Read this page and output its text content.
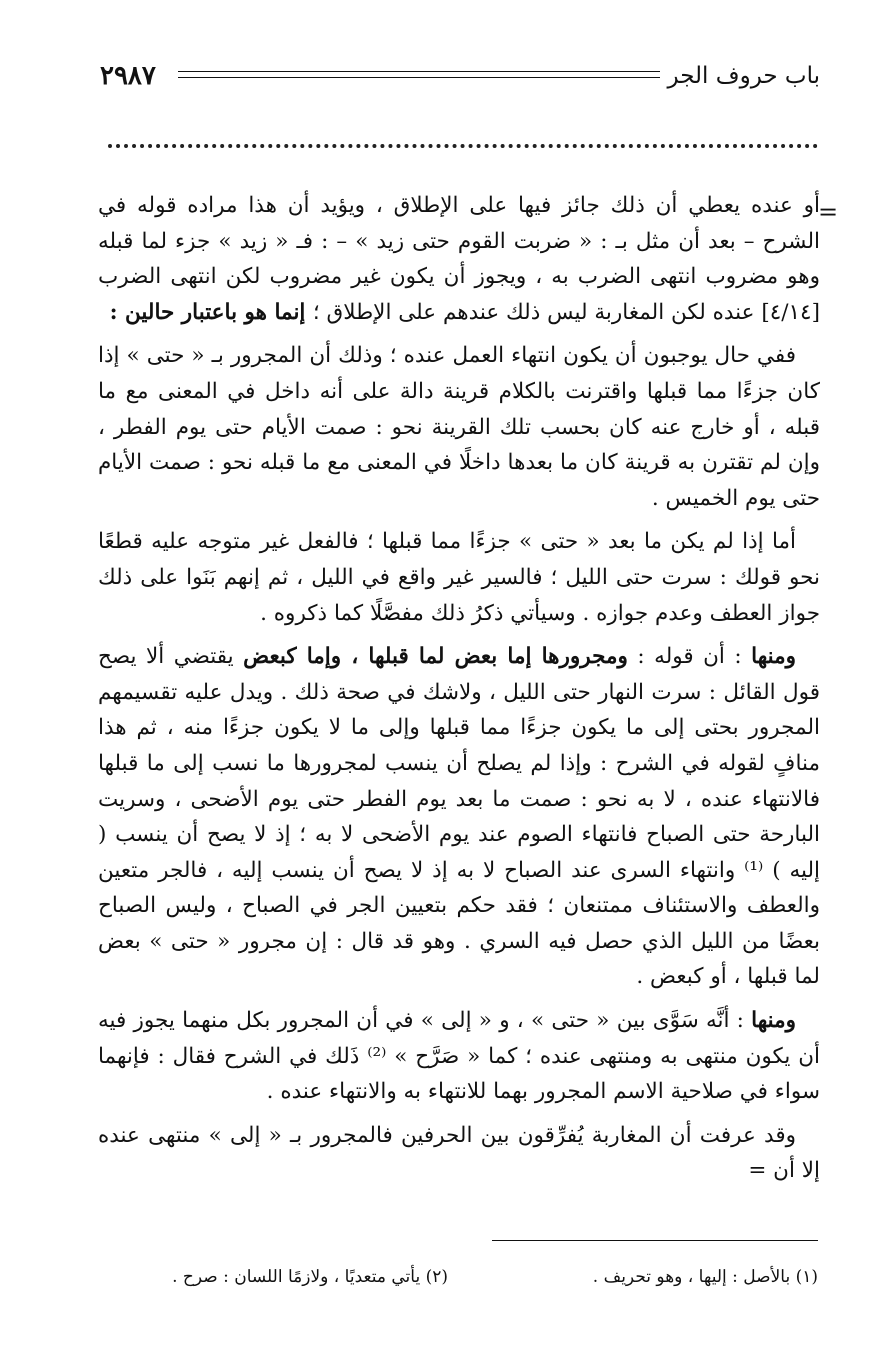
٢٩٨٧	باب حروف الجر
=

أو عنده يعطي أن ذلك جائز فيها على الإطلاق ، ويؤيد أن هذا مراده قوله في الشرح – بعد أن مثل بـ : « ضربت القوم حتى زيد » – : فـ « زيد » جزء لما قبله وهو مضروب انتهى الضرب به ، ويجوز أن يكون غير مضروب لكن انتهى الضرب [٤/١٤] عنده لكن المغاربة ليس ذلك عندهم على الإطلاق ؛ إنما هو باعتبار حالين :

ففي حال يوجبون أن يكون انتهاء العمل عنده ؛ وذلك أن المجرور بـ « حتى » إذا كان جزءًا مما قبلها واقترنت بالكلام قرينة دالة على أنه داخل في المعنى مع ما قبله ، أو خارج عنه كان بحسب تلك القرينة نحو : صمت الأيام حتى يوم الفطر ، وإن لم تقترن به قرينة كان ما بعدها داخلًا في المعنى مع ما قبله نحو : صمت الأيام حتى يوم الخميس .

أما إذا لم يكن ما بعد « حتى » جزءًا مما قبلها ؛ فالفعل غير متوجه عليه قطعًا نحو قولك : سرت حتى الليل ؛ فالسير غير واقع في الليل ، ثم إنهم بَنَوا على ذلك جواز العطف وعدم جوازه . وسيأتي ذكرُ ذلك مفصَّلًا كما ذكروه .

ومنها : أن قوله : ومجرورها إما بعض لما قبلها ، وإما كبعض يقتضي ألا يصح قول القائل : سرت النهار حتى الليل ، ولاشك في صحة ذلك . ويدل عليه تقسيمهم المجرور بحتى إلى ما يكون جزءًا مما قبلها وإلى ما لا يكون جزءًا منه ، ثم هذا منافٍ لقوله في الشرح : وإذا لم يصلح أن ينسب لمجرورها ما نسب إلى ما قبلها فالانتهاء عنده ، لا به نحو : صمت ما بعد يوم الفطر حتى يوم الأضحى ، وسريت البارحة حتى الصباح فانتهاء الصوم عند يوم الأضحى لا به ؛ إذ لا يصح أن ينسب ( إليه ) ⁽¹⁾ وانتهاء السرى عند الصباح لا به إذ لا يصح أن ينسب إليه ، فالجر متعين والعطف والاستئناف ممتنعان ؛ فقد حكم بتعيين الجر في الصباح ، وليس الصباح بعضًا من الليل الذي حصل فيه السري . وهو قد قال : إن مجرور « حتى » بعض لما قبلها ، أو كبعض .

ومنها : أنَّه سَوَّى بين « حتى » ، و « إلى » في أن المجرور بكل منهما يجوز فيه أن يكون منتهى به ومنتهى عنده ؛ كما « صَرَّح » ⁽²⁾ ذَلك في الشرح فقال : فإنهما سواء في صلاحية الاسم المجرور بهما للانتهاء به والانتهاء عنده .

وقد عرفت أن المغاربة يُفرِّقون بين الحرفين فالمجرور بـ « إلى » منتهى عنده إلا أن =

(١) بالأصل : إليها ، وهو تحريف .
(٢) يأتي متعديًا ، ولازمًا اللسان : صرح .
